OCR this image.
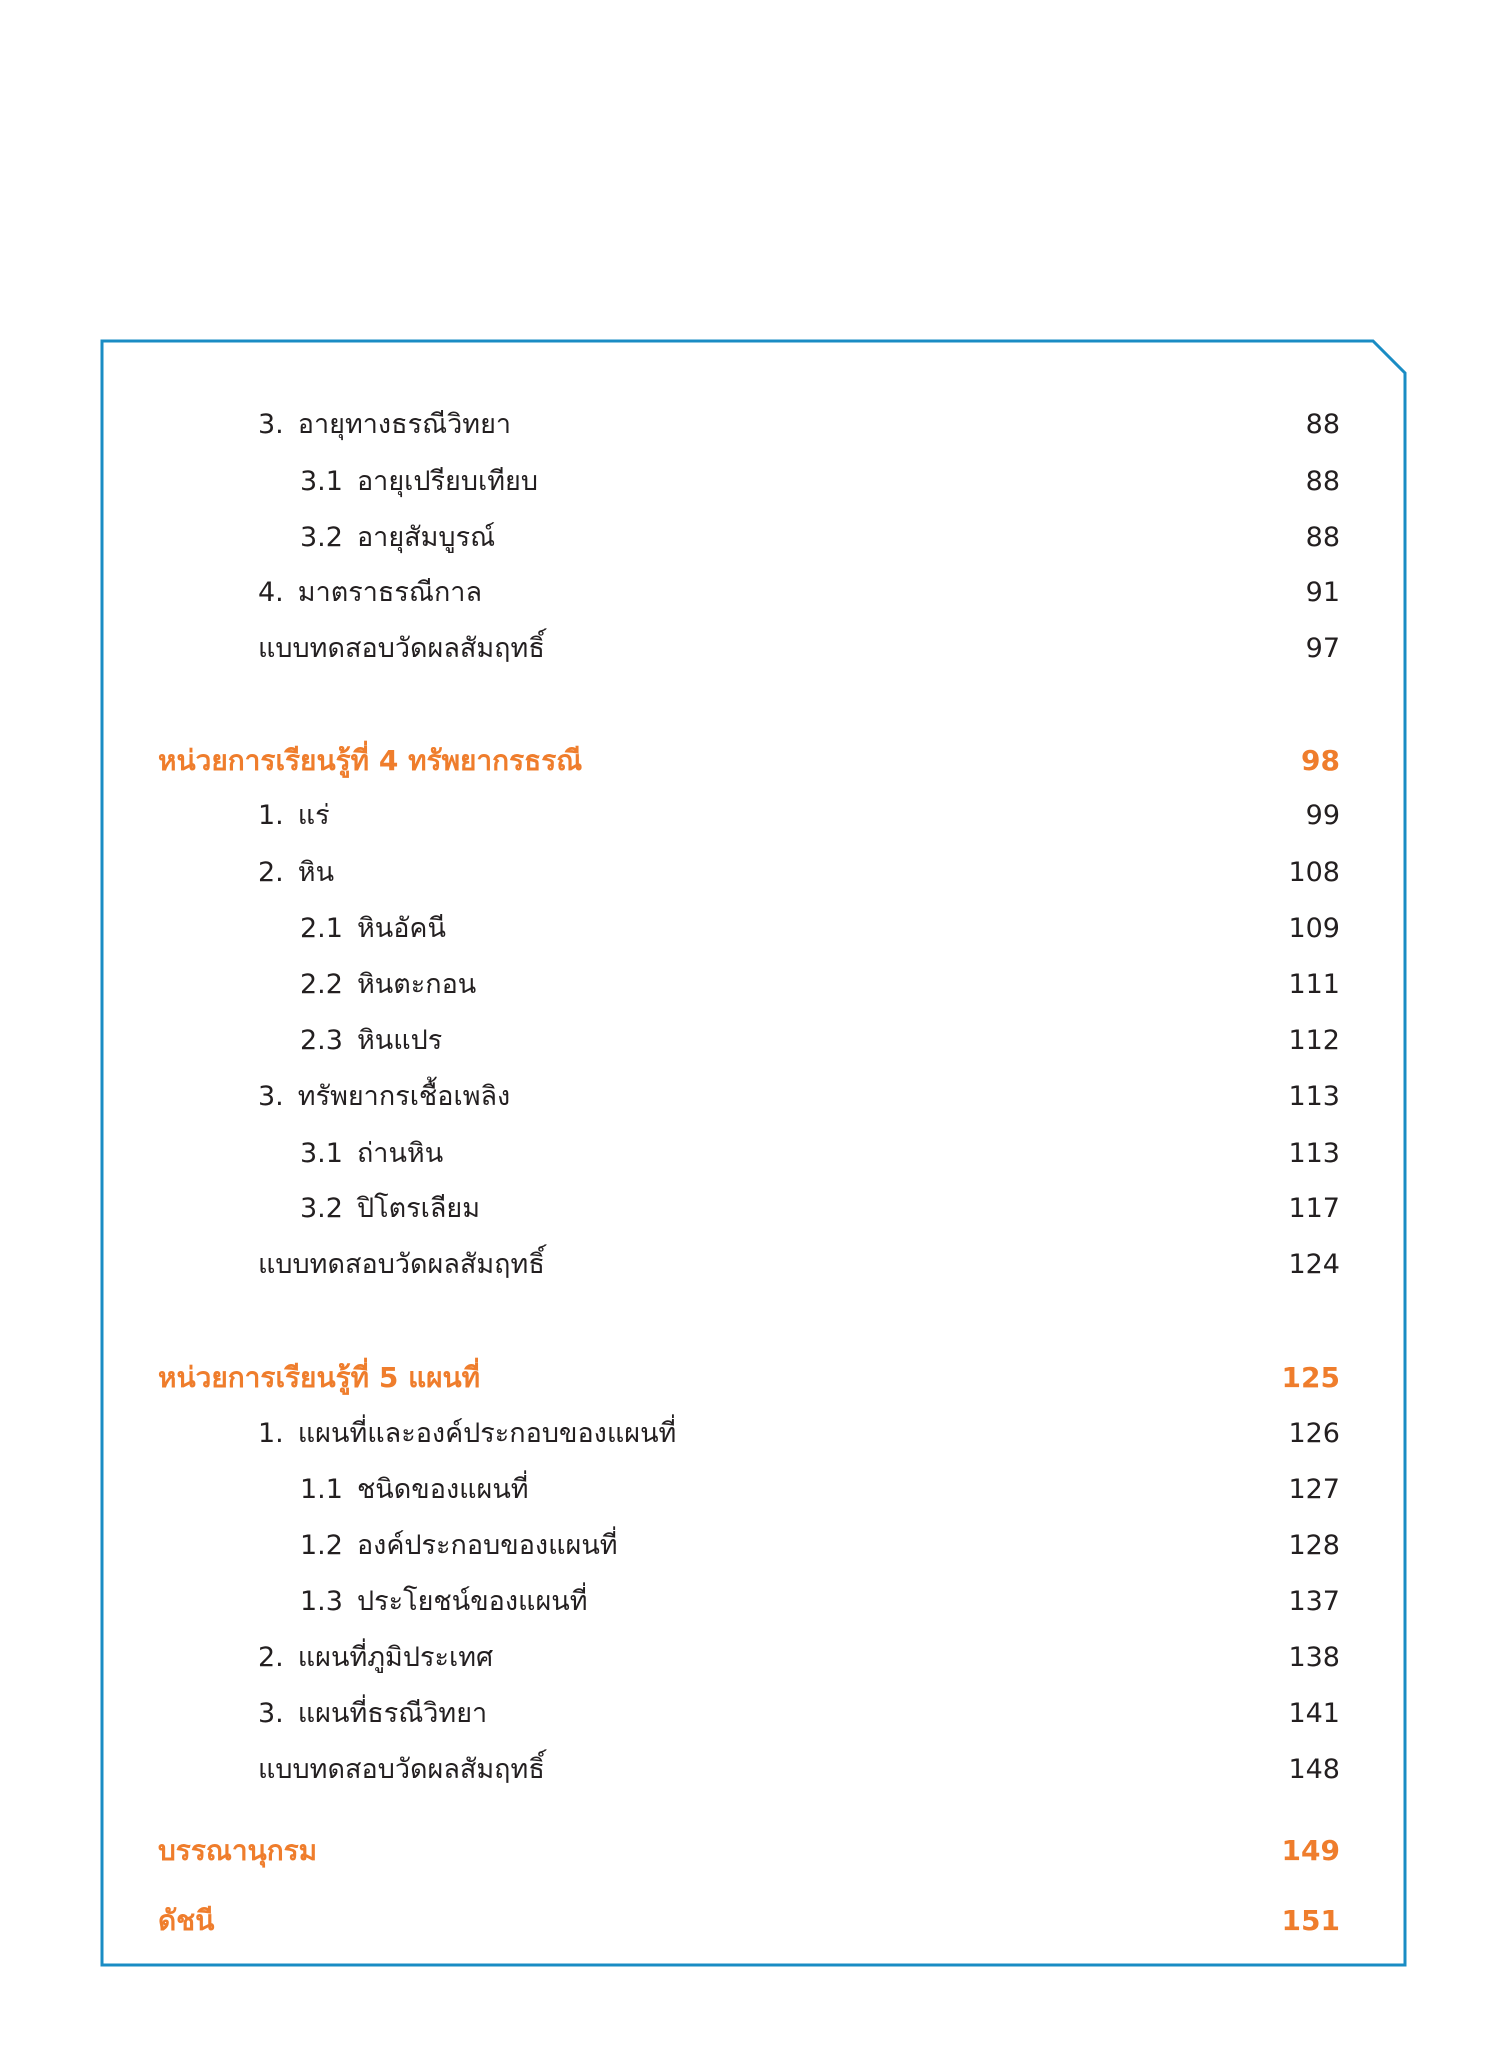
3. อายุทางธรณีวิทยา	88
3.1 อายุเปรียบเทียบ	88
3.2 อายุสัมบูรณ์	88
4. มาตราธรณีกาล	91
แบบทดสอบวัดผลสัมฤทธิ์	97
หน่วยการเรียนรู้ที่ 4 ทรัพยากรธรณี	98
1. แร่	99
2. หิน	108
2.1 หินอัคนี	109
2.2 หินตะกอน	111
2.3 หินแปร	112
3. ทรัพยากรเชื้อเพลิง	113
3.1 ถ่านหิน	113
3.2 ปิโตรเลียม	117
แบบทดสอบวัดผลสัมฤทธิ์	124
หน่วยการเรียนรู้ที่ 5 แผนที่	125
1. แผนที่และองค์ประกอบของแผนที่	126
1.1 ชนิดของแผนที่	127
1.2 องค์ประกอบของแผนที่	128
1.3 ประโยชน์ของแผนที่	137
2. แผนที่ภูมิประเทศ	138
3. แผนที่ธรณีวิทยา	141
แบบทดสอบวัดผลสัมฤทธิ์	148
บรรณานุกรม	149
ดัชนี	151
